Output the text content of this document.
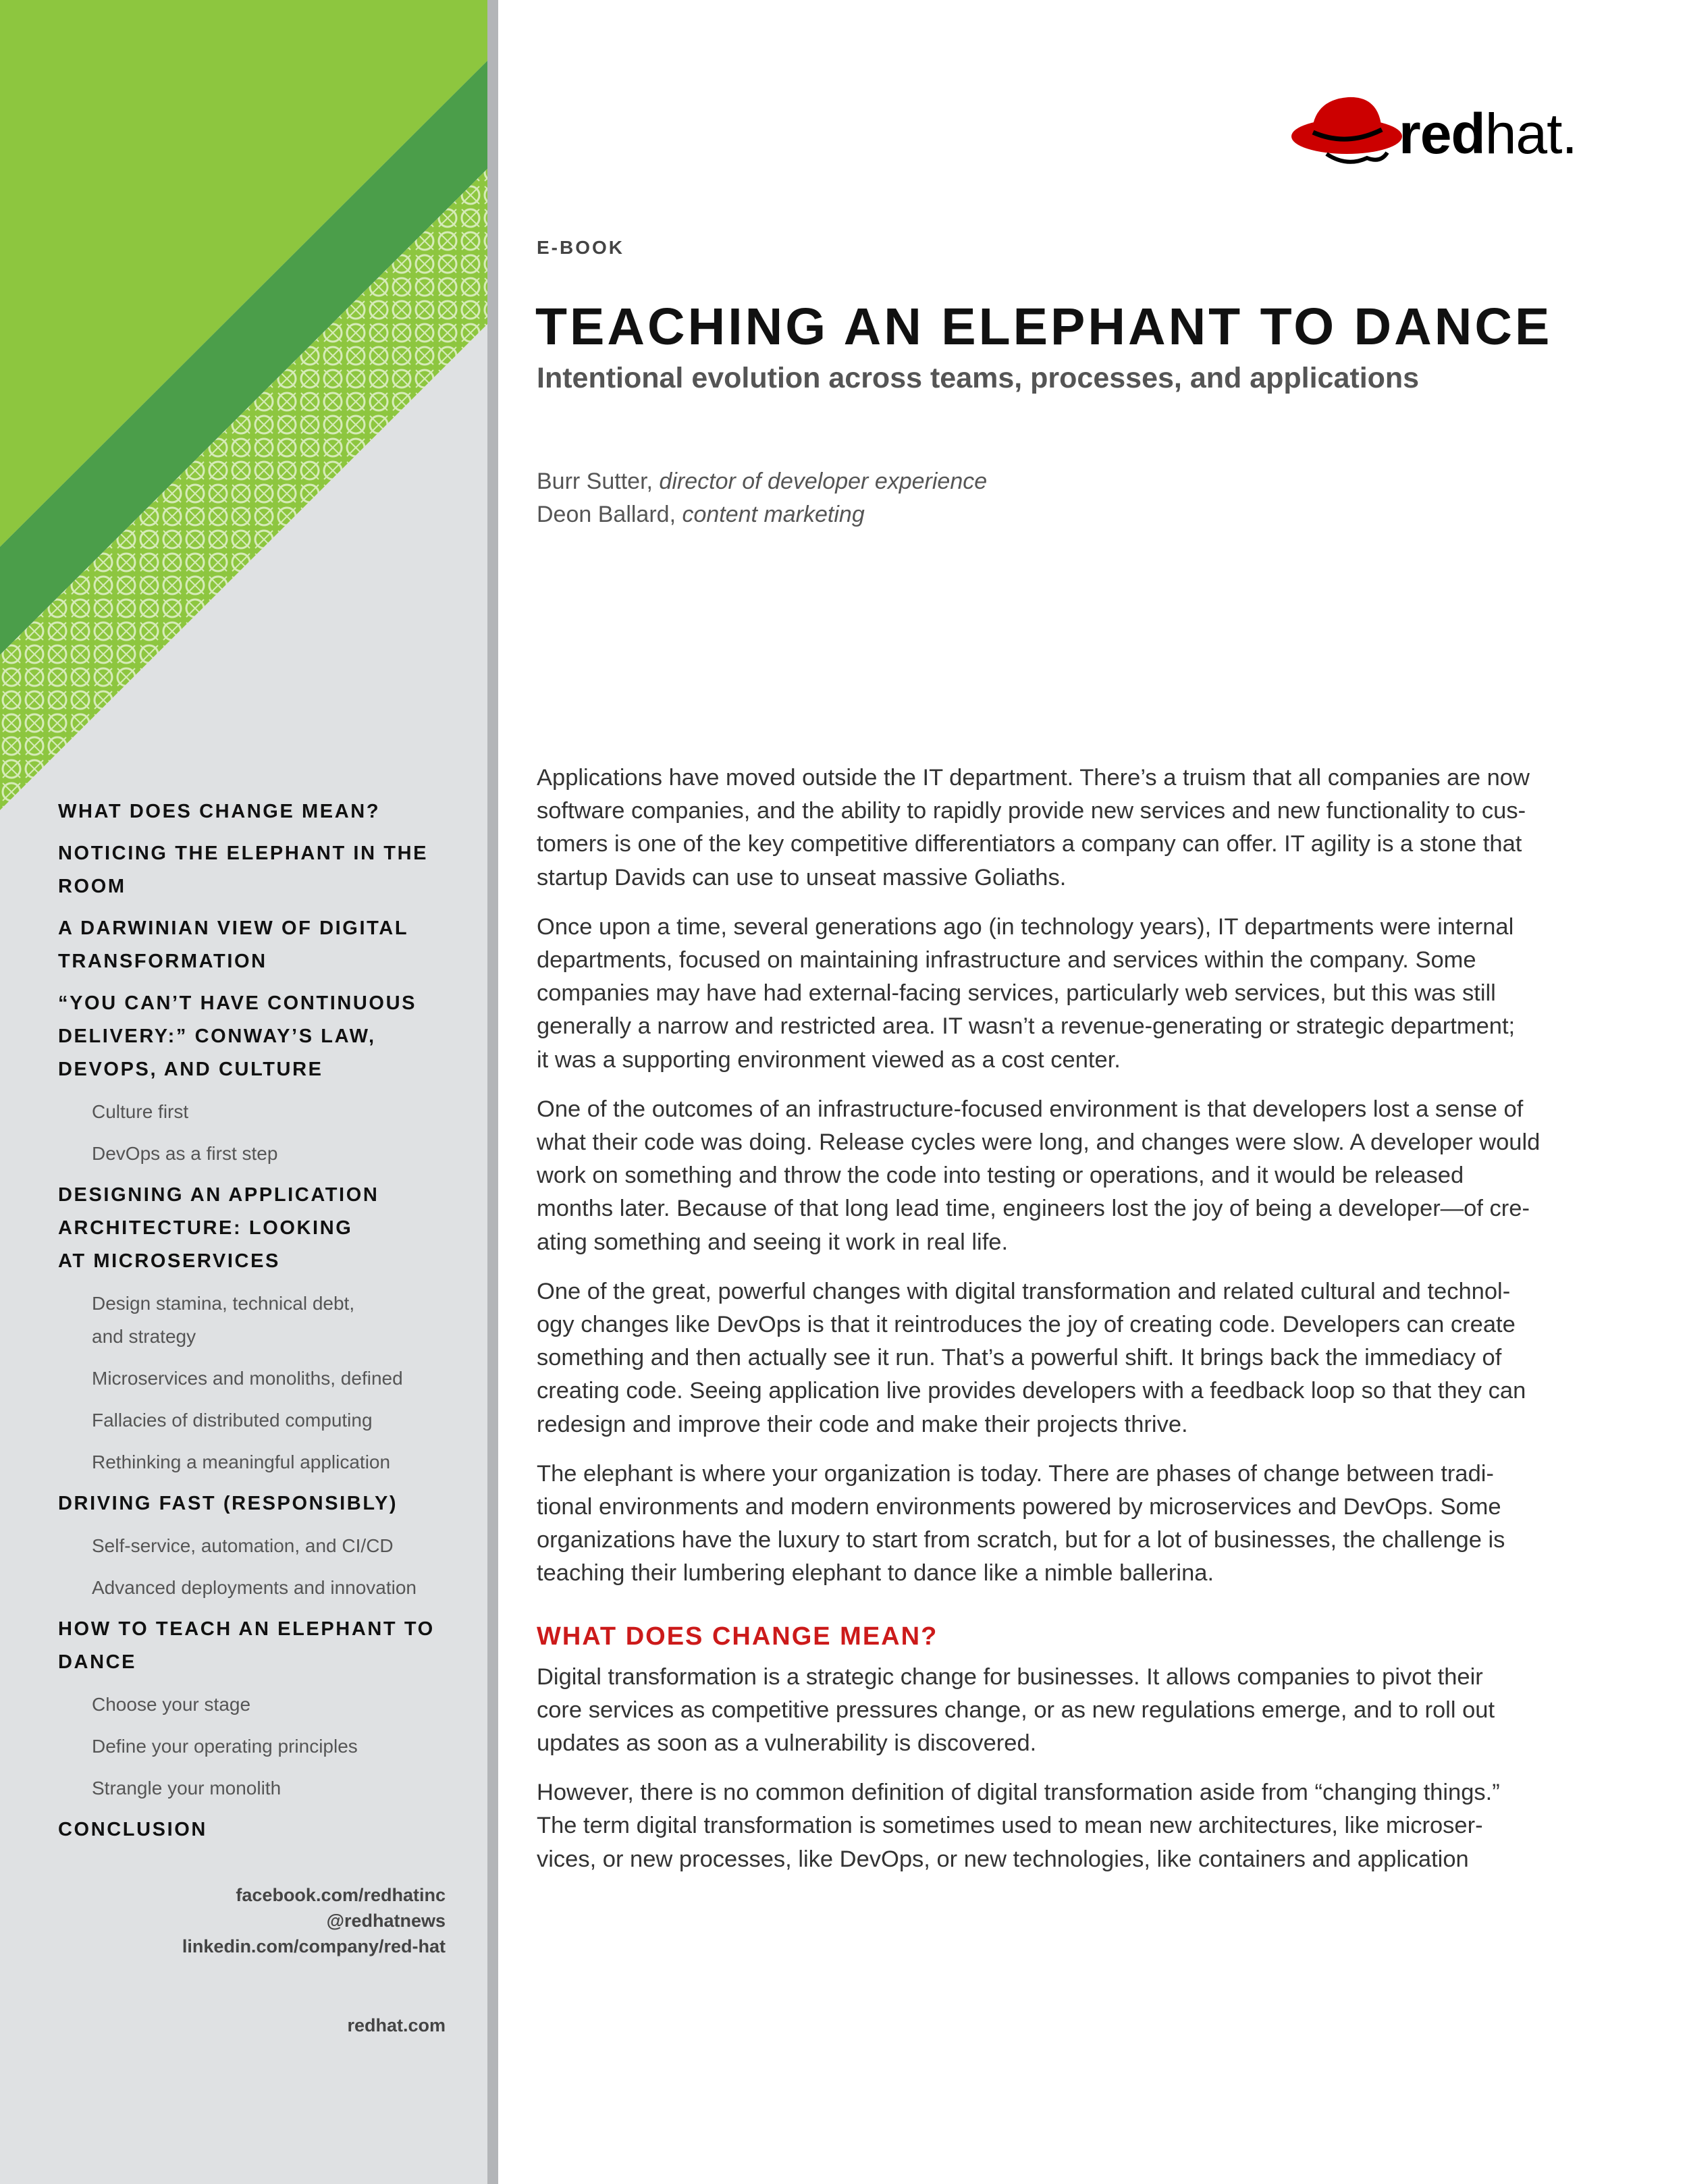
WHAT DOES CHANGE MEAN?
NOTICING THE ELEPHANT IN THE ROOM
A DARWINIAN VIEW OF DIGITAL
TRANSFORMATION
“YOU CAN’T HAVE CONTINUOUS
DELIVERY:” CONWAY’S LAW,
DEVOPS, AND CULTURE
Culture first
DevOps as a first step
DESIGNING AN APPLICATION
ARCHITECTURE: LOOKING
AT MICROSERVICES
Design stamina, technical debt,
and strategy
Microservices and monoliths, defined
Fallacies of distributed computing
Rethinking a meaningful application
DRIVING FAST (RESPONSIBLY)
Self-service, automation, and CI/CD
Advanced deployments and innovation
HOW TO TEACH AN ELEPHANT TO DANCE
Choose your stage
Define your operating principles
Strangle your monolith
CONCLUSION
facebook.com/redhatinc
@redhatnews
linkedin.com/company/red-hat
redhat.com
redhat.
E-BOOK
TEACHING AN ELEPHANT TO DANCE
Intentional evolution across teams, processes, and applications
Burr Sutter, director of developer experience
Deon Ballard, content marketing
Applications have moved outside the IT department. There’s a truism that all companies are now
software companies, and the ability to rapidly provide new services and new functionality to cus-
tomers is one of the key competitive differentiators a company can offer. IT agility is a stone that
startup Davids can use to unseat massive Goliaths.
Once upon a time, several generations ago (in technology years), IT departments were internal
departments, focused on maintaining infrastructure and services within the company. Some
companies may have had external-facing services, particularly web services, but this was still
generally a narrow and restricted area. IT wasn’t a revenue-generating or strategic department;
it was a supporting environment viewed as a cost center.
One of the outcomes of an infrastructure-focused environment is that developers lost a sense of
what their code was doing. Release cycles were long, and changes were slow. A developer would
work on something and throw the code into testing or operations, and it would be released
months later. Because of that long lead time, engineers lost the joy of being a developer—of cre-
ating something and seeing it work in real life.
One of the great, powerful changes with digital transformation and related cultural and technol-
ogy changes like DevOps is that it reintroduces the joy of creating code. Developers can create
something and then actually see it run. That’s a powerful shift. It brings back the immediacy of
creating code. Seeing application live provides developers with a feedback loop so that they can
redesign and improve their code and make their projects thrive.
The elephant is where your organization is today. There are phases of change between tradi-
tional environments and modern environments powered by microservices and DevOps. Some
organizations have the luxury to start from scratch, but for a lot of businesses, the challenge is
teaching their lumbering elephant to dance like a nimble ballerina.
WHAT DOES CHANGE MEAN?
Digital transformation is a strategic change for businesses. It allows companies to pivot their
core services as competitive pressures change, or as new regulations emerge, and to roll out
updates as soon as a vulnerability is discovered.
However, there is no common definition of digital transformation aside from “changing things.”
The term digital transformation is sometimes used to mean new architectures, like microser-
vices, or new processes, like DevOps, or new technologies, like containers and application
